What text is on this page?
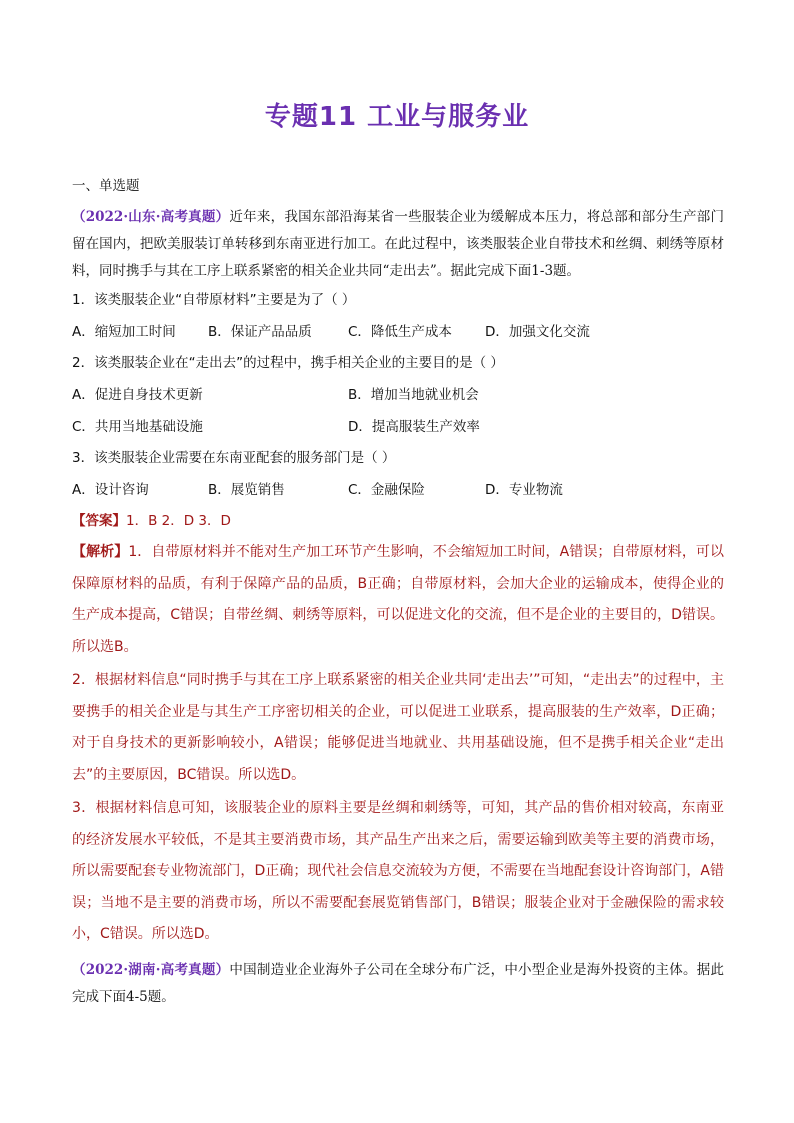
专题11 工业与服务业
一、单选题

（2022·山东·高考真题）近年来，我国东部沿海某省一些服装企业为缓解成本压力，将总部和部分生产部门留在国内，把欧美服装订单转移到东南亚进行加工。在此过程中，该类服装企业自带技术和丝绸、刺绣等原材料，同时携手与其在工序上联系紧密的相关企业共同“走出去”。据此完成下面1-3题。

1．该类服装企业“自带原材料”主要是为了（ ）

A．缩短加工时间	B．保证产品品质	C．降低生产成本	D．加强文化交流

2．该类服装企业在“走出去”的过程中，携手相关企业的主要目的是（ ）

A．促进自身技术更新	B．增加当地就业机会
C．共用当地基础设施	D．提高服装生产效率

3．该类服装企业需要在东南亚配套的服务部门是（ ）

A．设计咨询	B．展览销售	C．金融保险	D．专业物流
【答案】1．B 2．D 3．D

【解析】1．自带原材料并不能对生产加工环节产生影响，不会缩短加工时间，A错误；自带原材料，可以保障原材料的品质，有利于保障产品的品质，B正确；自带原材料，会加大企业的运输成本，使得企业的生产成本提高，C错误；自带丝绸、刺绣等原料，可以促进文化的交流，但不是企业的主要目的，D错误。所以选B。

2．根据材料信息“同时携手与其在工序上联系紧密的相关企业共同‘走出去’”可知，“走出去”的过程中，主要携手的相关企业是与其生产工序密切相关的企业，可以促进工业联系，提高服装的生产效率，D正确；对于自身技术的更新影响较小，A错误；能够促进当地就业、共用基础设施，但不是携手相关企业“走出去”的主要原因，BC错误。所以选D。

3．根据材料信息可知，该服装企业的原料主要是丝绸和刺绣等，可知，其产品的售价相对较高，东南亚的经济发展水平较低，不是其主要消费市场，其产品生产出来之后，需要运输到欧美等主要的消费市场，所以需要配套专业物流部门，D正确；现代社会信息交流较为方便，不需要在当地配套设计咨询部门，A错误；当地不是主要的消费市场，所以不需要配套展览销售部门，B错误；服装企业对于金融保险的需求较小，C错误。所以选D。

（2022·湖南·高考真题）中国制造业企业海外子公司在全球分布广泛，中小型企业是海外投资的主体。据此完成下面4-5题。
